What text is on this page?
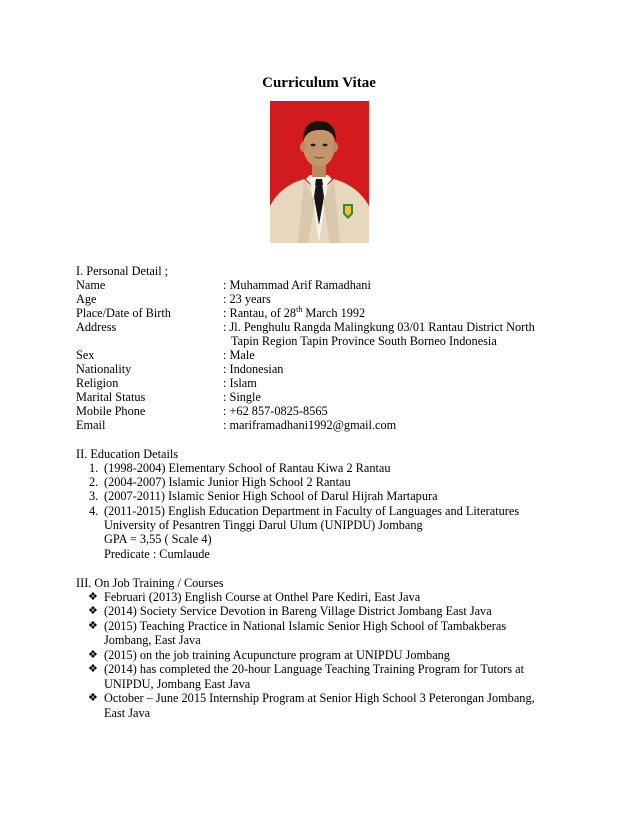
Curriculum Vitae
I. Personal Detail ;
Name	: Muhammad Arif Ramadhani
Age	: 23 years
Place/Date of Birth	: Rantau, of 28th March 1992
Address	: Jl. Penghulu Rangda Malingkung 03/01 Rantau District North
Tapin Region Tapin Province South Borneo Indonesia
Sex	: Male
Nationality	: Indonesian
Religion	: Islam
Marital Status	: Single
Mobile Phone	: +62 857-0825-8565
Email	: mariframadhani1992@gmail.com
II. Education Details
1. (1998-2004) Elementary School of Rantau Kiwa 2 Rantau
2. (2004-2007) Islamic Junior High School 2 Rantau
3. (2007-2011) Islamic Senior High School of Darul Hijrah Martapura
4. (2011-2015) English Education Department in Faculty of Languages and Literatures
University of Pesantren Tinggi Darul Ulum (UNIPDU) Jombang
GPA = 3,55 ( Scale 4)
Predicate : Cumlaude
III. On Job Training / Courses
❖ Februari (2013) English Course at Onthel Pare Kediri, East Java
❖ (2014) Society Service Devotion in Bareng Village District Jombang East Java
❖ (2015) Teaching Practice in National Islamic Senior High School of Tambakberas
Jombang, East Java
❖ (2015) on the job training Acupuncture program at UNIPDU Jombang
❖ (2014) has completed the 20-hour Language Teaching Training Program for Tutors at
UNIPDU, Jombang East Java
❖ October – June 2015 Internship Program at Senior High School 3 Peterongan Jombang,
East Java
